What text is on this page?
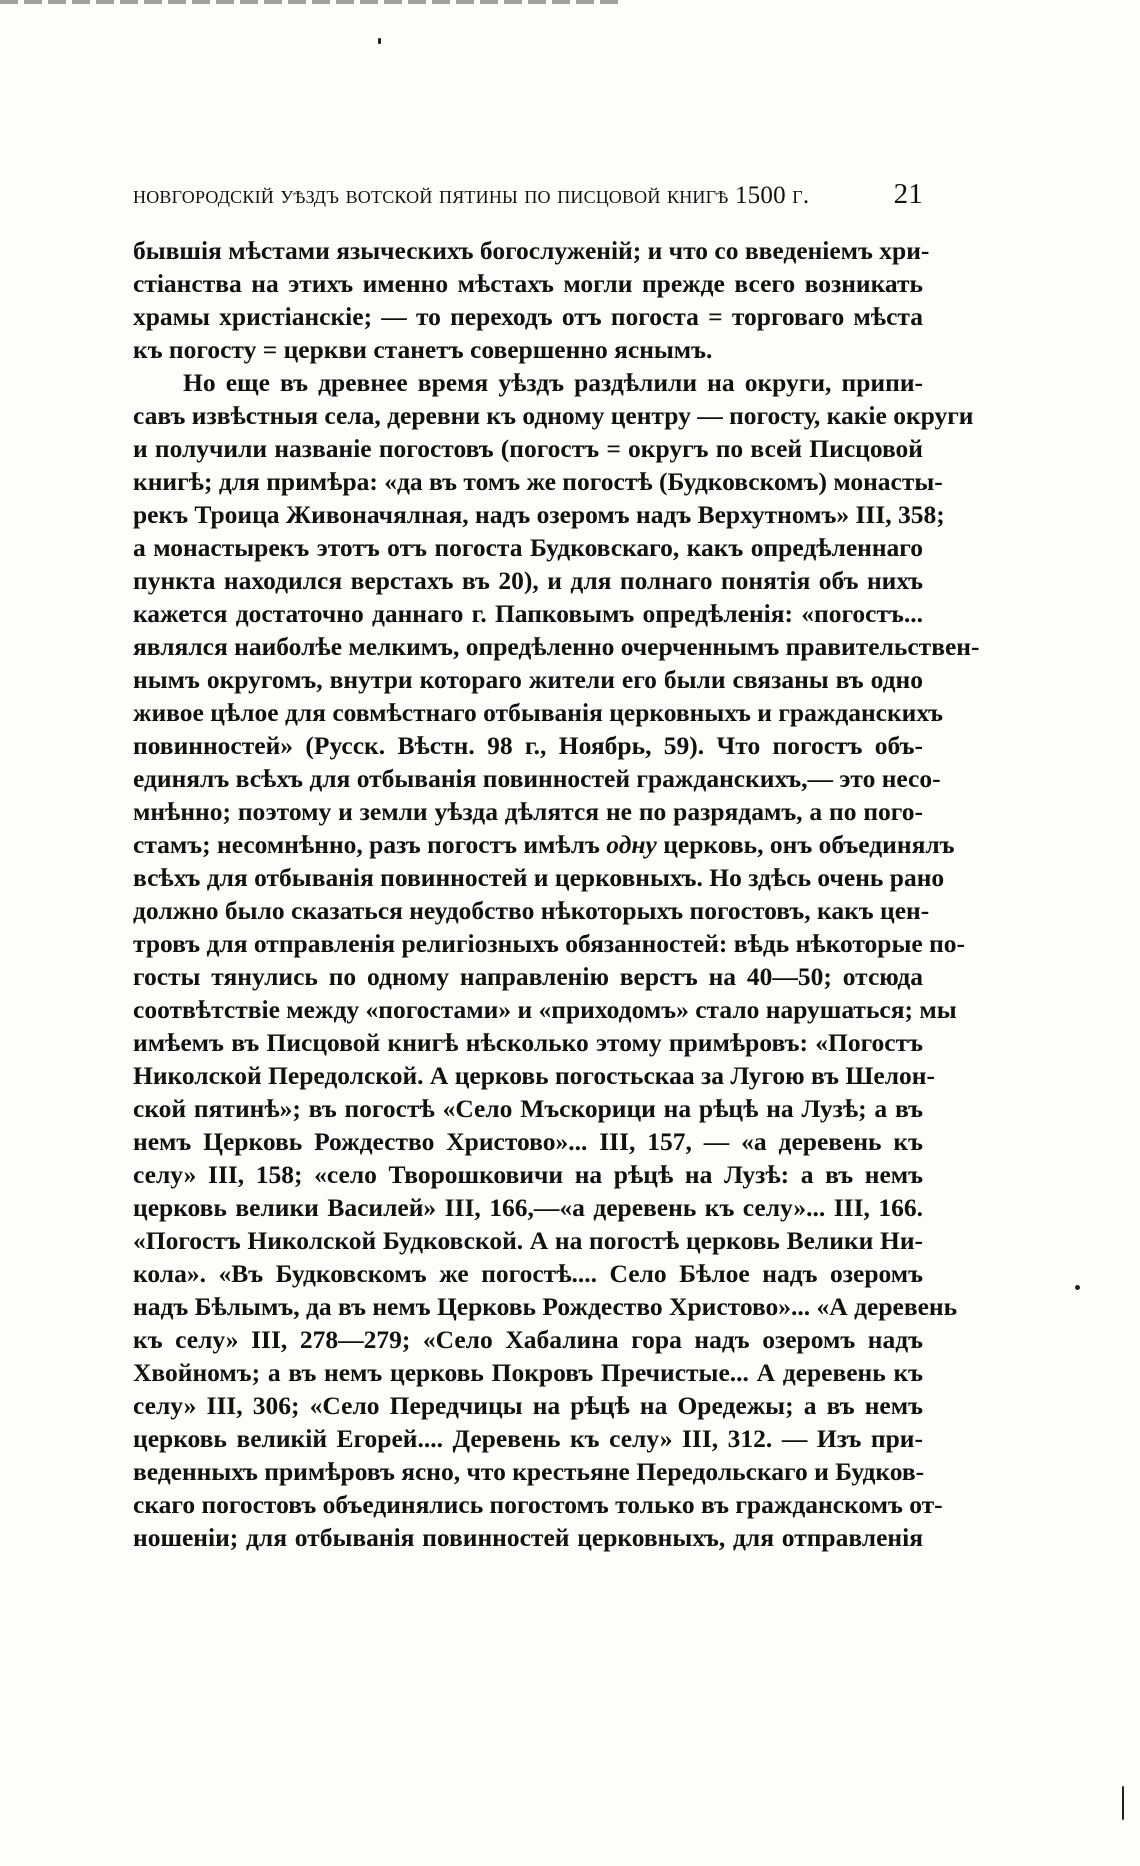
новгородскій уѣздъ вотской пятины по писцовой книгѣ 1500 г.	21
бывшія мѣстами языческихъ богослуженій; и что со введеніемъ хри-
стіанства на этихъ именно мѣстахъ могли прежде всего возникать
храмы христіанскіе; — то переходъ отъ погоста = торговаго мѣста
къ погосту = церкви станетъ совершенно яснымъ.
Но еще въ древнее время уѣздъ раздѣлили на округи, припи-
савъ извѣстныя села, деревни къ одному центру — погосту, какіе округи
и получили названіе погостовъ (погостъ = округъ по всей Писцовой
книгѣ; для примѣра: «да въ томъ же погостѣ (Будковскомъ) монасты-
рекъ Троица Живоначялная, надъ озеромъ надъ Верхутномъ» III, 358;
а монастырекъ этотъ отъ погоста Будковскаго, какъ опредѣленнаго
пункта находился верстахъ въ 20), и для полнаго понятія объ нихъ
кажется достаточно даннаго г. Папковымъ опредѣленія: «погостъ...
являлся наиболѣе мелкимъ, опредѣленно очерченнымъ правительствен-
нымъ округомъ, внутри котораго жители его были связаны въ одно
живое цѣлое для совмѣстнаго отбыванія церковныхъ и гражданскихъ
повинностей» (Русск. Вѣстн. 98 г., Ноябрь, 59). Что погостъ объ-
единялъ всѣхъ для отбыванія повинностей гражданскихъ,— это несо-
мнѣнно; поэтому и земли уѣзда дѣлятся не по разрядамъ, а по пого-
стамъ; несомнѣнно, разъ погостъ имѣлъ одну церковь, онъ объединялъ
всѣхъ для отбыванія повинностей и церковныхъ. Но здѣсь очень рано
должно было сказаться неудобство нѣкоторыхъ погостовъ, какъ цен-
тровъ для отправленія религіозныхъ обязанностей: вѣдь нѣкоторые по-
госты тянулись по одному направленію верстъ на 40—50; отсюда
соотвѣтствіе между «погостами» и «приходомъ» стало нарушаться; мы
имѣемъ въ Писцовой книгѣ нѣсколько этому примѣровъ: «Погостъ
Николской Передолской. А церковь погостьскаа за Лугою въ Шелон-
ской пятинѣ»; въ погостѣ «Село Мъскорици на рѣцѣ на Лузѣ; а въ
немъ Церковь Рождество Христово»... III, 157, — «а деревень къ
селу» III, 158; «село Творошковичи на рѣцѣ на Лузѣ: а въ немъ
церковь велики Василей» III, 166,—«а деревень къ селу»... III, 166.
«Погостъ Николской Будковской. А на погостѣ церковь Велики Ни-
кола». «Въ Будковскомъ же погостѣ.... Село Бѣлое надъ озеромъ
надъ Бѣлымъ, да въ немъ Церковь Рождество Христово»... «А деревень
къ селу» III, 278—279; «Село Хабалина гора надъ озеромъ надъ
Хвойномъ; а въ немъ церковь Покровъ Пречистые... А деревень къ
селу» III, 306; «Село Передчицы на рѣцѣ на Оредежы; а въ немъ
церковь великій Егорей.... Деревень къ селу» III, 312. — Изъ при-
веденныхъ примѣровъ ясно, что крестьяне Передольскаго и Будков-
скаго погостовъ объединялись погостомъ только въ гражданскомъ от-
ношеніи; для отбыванія повинностей церковныхъ, для отправленія
